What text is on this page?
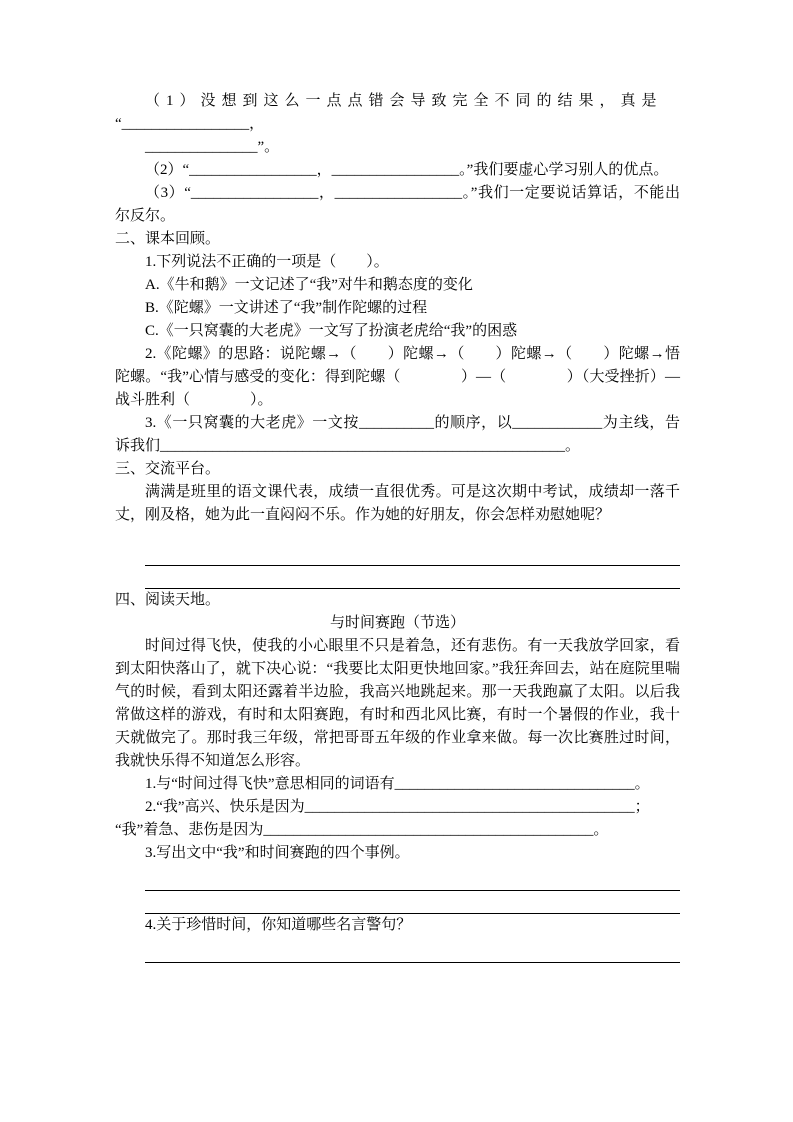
（1）没想到这么一点点错会导致完全不同的结果，真是

“_________________，

_______________”。

（2）“_________________，_________________。”我们要虚心学习别人的优点。

（3）“_________________，_________________。”我们一定要说话算话，不能出尔反尔。

二、课本回顾。

1.下列说法不正确的一项是（　　）。

A.《牛和鹅》一文记述了“我”对牛和鹅态度的变化

B.《陀螺》一文讲述了“我”制作陀螺的过程

C.《一只窝囊的大老虎》一文写了扮演老虎给“我”的困惑

2.《陀螺》的思路：说陀螺→（　　）陀螺→（　　）陀螺→（　　）陀螺→悟陀螺。“我”心情与感受的变化：得到陀螺（　　　　）—（　　　　）（大受挫折）—战斗胜利（　　　　）。

3.《一只窝囊的大老虎》一文按__________的顺序，以____________为主线，告诉我们______________________________________________________。

三、交流平台。

满满是班里的语文课代表，成绩一直很优秀。可是这次期中考试，成绩却一落千丈，刚及格，她为此一直闷闷不乐。作为她的好朋友，你会怎样劝慰她呢？

四、阅读天地。

与时间赛跑（节选）

时间过得飞快，使我的小心眼里不只是着急，还有悲伤。有一天我放学回家，看到太阳快落山了，就下决心说：“我要比太阳更快地回家。”我狂奔回去，站在庭院里喘气的时候，看到太阳还露着半边脸，我高兴地跳起来。那一天我跑赢了太阳。以后我常做这样的游戏，有时和太阳赛跑，有时和西北风比赛，有时一个暑假的作业，我十天就做完了。那时我三年级，常把哥哥五年级的作业拿来做。每一次比赛胜过时间，我就快乐得不知道怎么形容。

1.与“时间过得飞快”意思相同的词语有________________________________。

2.“我”高兴、快乐是因为____________________________________________；

“我”着急、悲伤是因为____________________________________________。

3.写出文中“我”和时间赛跑的四个事例。

4.关于珍惜时间，你知道哪些名言警句？
